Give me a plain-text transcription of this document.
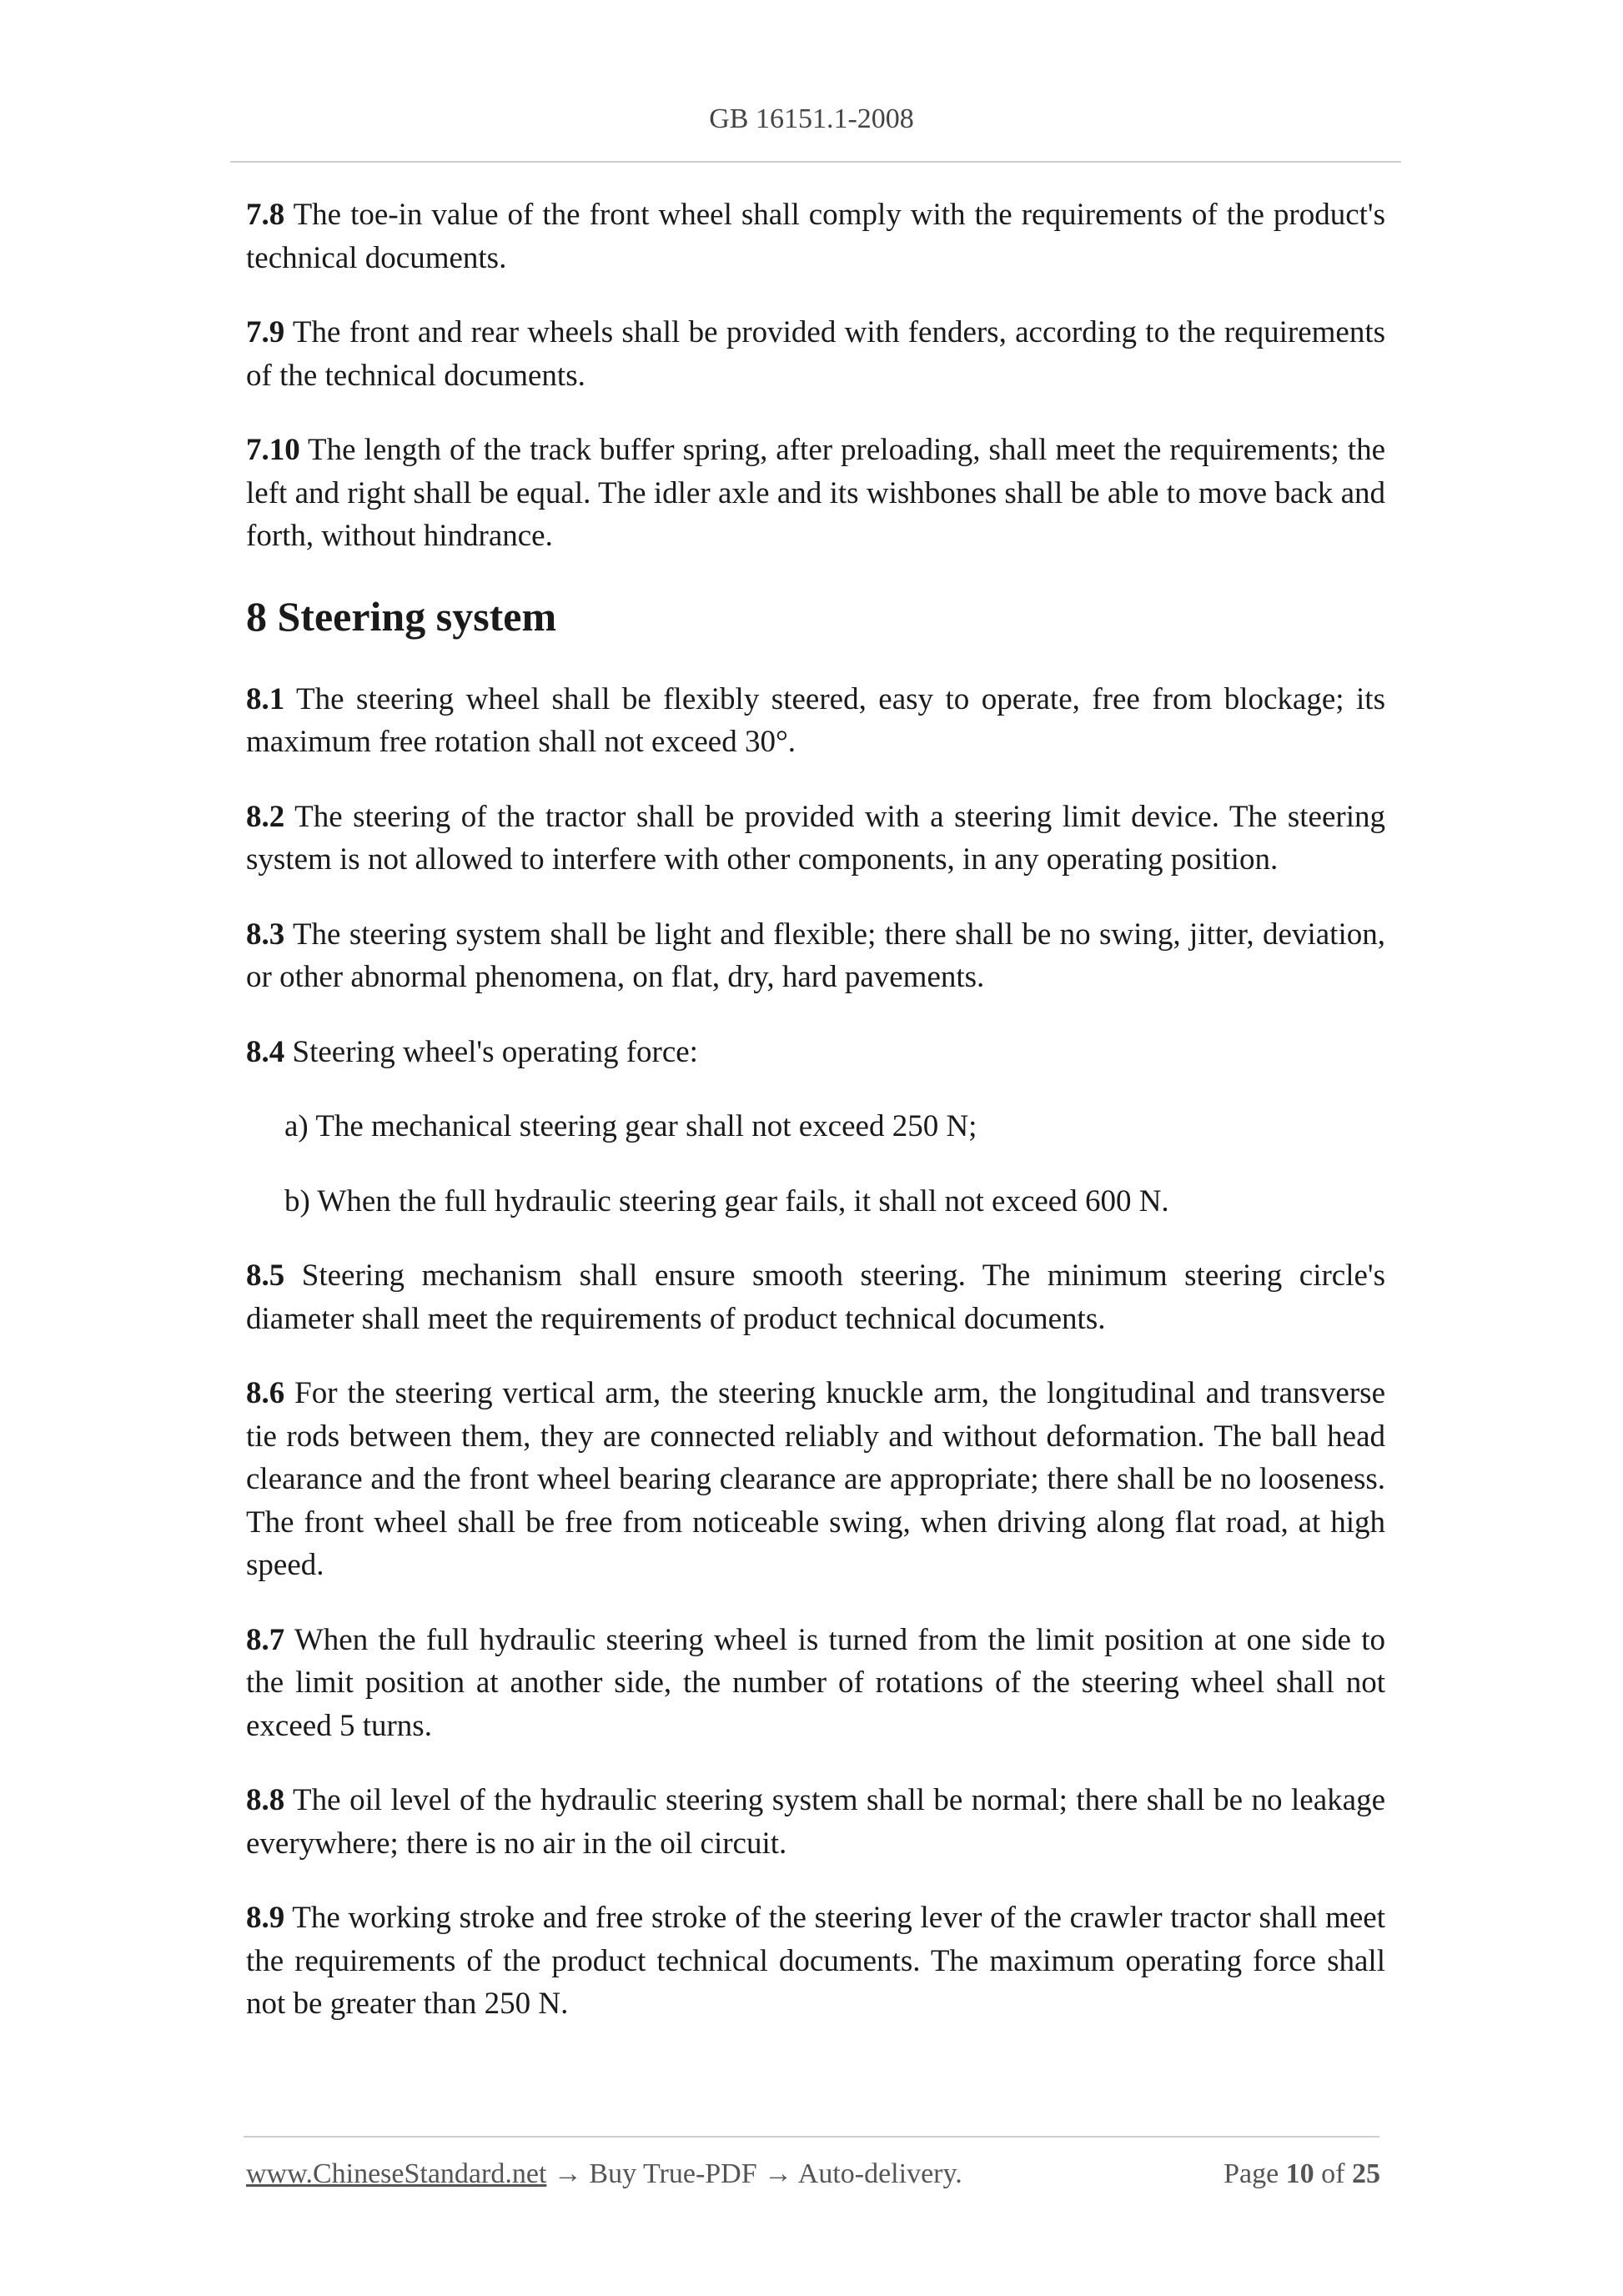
GB 16151.1-2008

7.8 The toe-in value of the front wheel shall comply with the requirements of the product's technical documents.

7.9 The front and rear wheels shall be provided with fenders, according to the requirements of the technical documents.

7.10 The length of the track buffer spring, after preloading, shall meet the requirements; the left and right shall be equal. The idler axle and its wishbones shall be able to move back and forth, without hindrance.

8 Steering system

8.1 The steering wheel shall be flexibly steered, easy to operate, free from blockage; its maximum free rotation shall not exceed 30°.

8.2 The steering of the tractor shall be provided with a steering limit device. The steering system is not allowed to interfere with other components, in any operating position.

8.3 The steering system shall be light and flexible; there shall be no swing, jitter, deviation, or other abnormal phenomena, on flat, dry, hard pavements.

8.4 Steering wheel's operating force:

a) The mechanical steering gear shall not exceed 250 N;

b) When the full hydraulic steering gear fails, it shall not exceed 600 N.

8.5 Steering mechanism shall ensure smooth steering. The minimum steering circle's diameter shall meet the requirements of product technical documents.

8.6 For the steering vertical arm, the steering knuckle arm, the longitudinal and transverse tie rods between them, they are connected reliably and without deformation. The ball head clearance and the front wheel bearing clearance are appropriate; there shall be no looseness. The front wheel shall be free from noticeable swing, when driving along flat road, at high speed.

8.7 When the full hydraulic steering wheel is turned from the limit position at one side to the limit position at another side, the number of rotations of the steering wheel shall not exceed 5 turns.

8.8 The oil level of the hydraulic steering system shall be normal; there shall be no leakage everywhere; there is no air in the oil circuit.

8.9 The working stroke and free stroke of the steering lever of the crawler tractor shall meet the requirements of the product technical documents. The maximum operating force shall not be greater than 250 N.

www.ChineseStandard.net → Buy True-PDF → Auto-delivery.	Page 10 of 25
